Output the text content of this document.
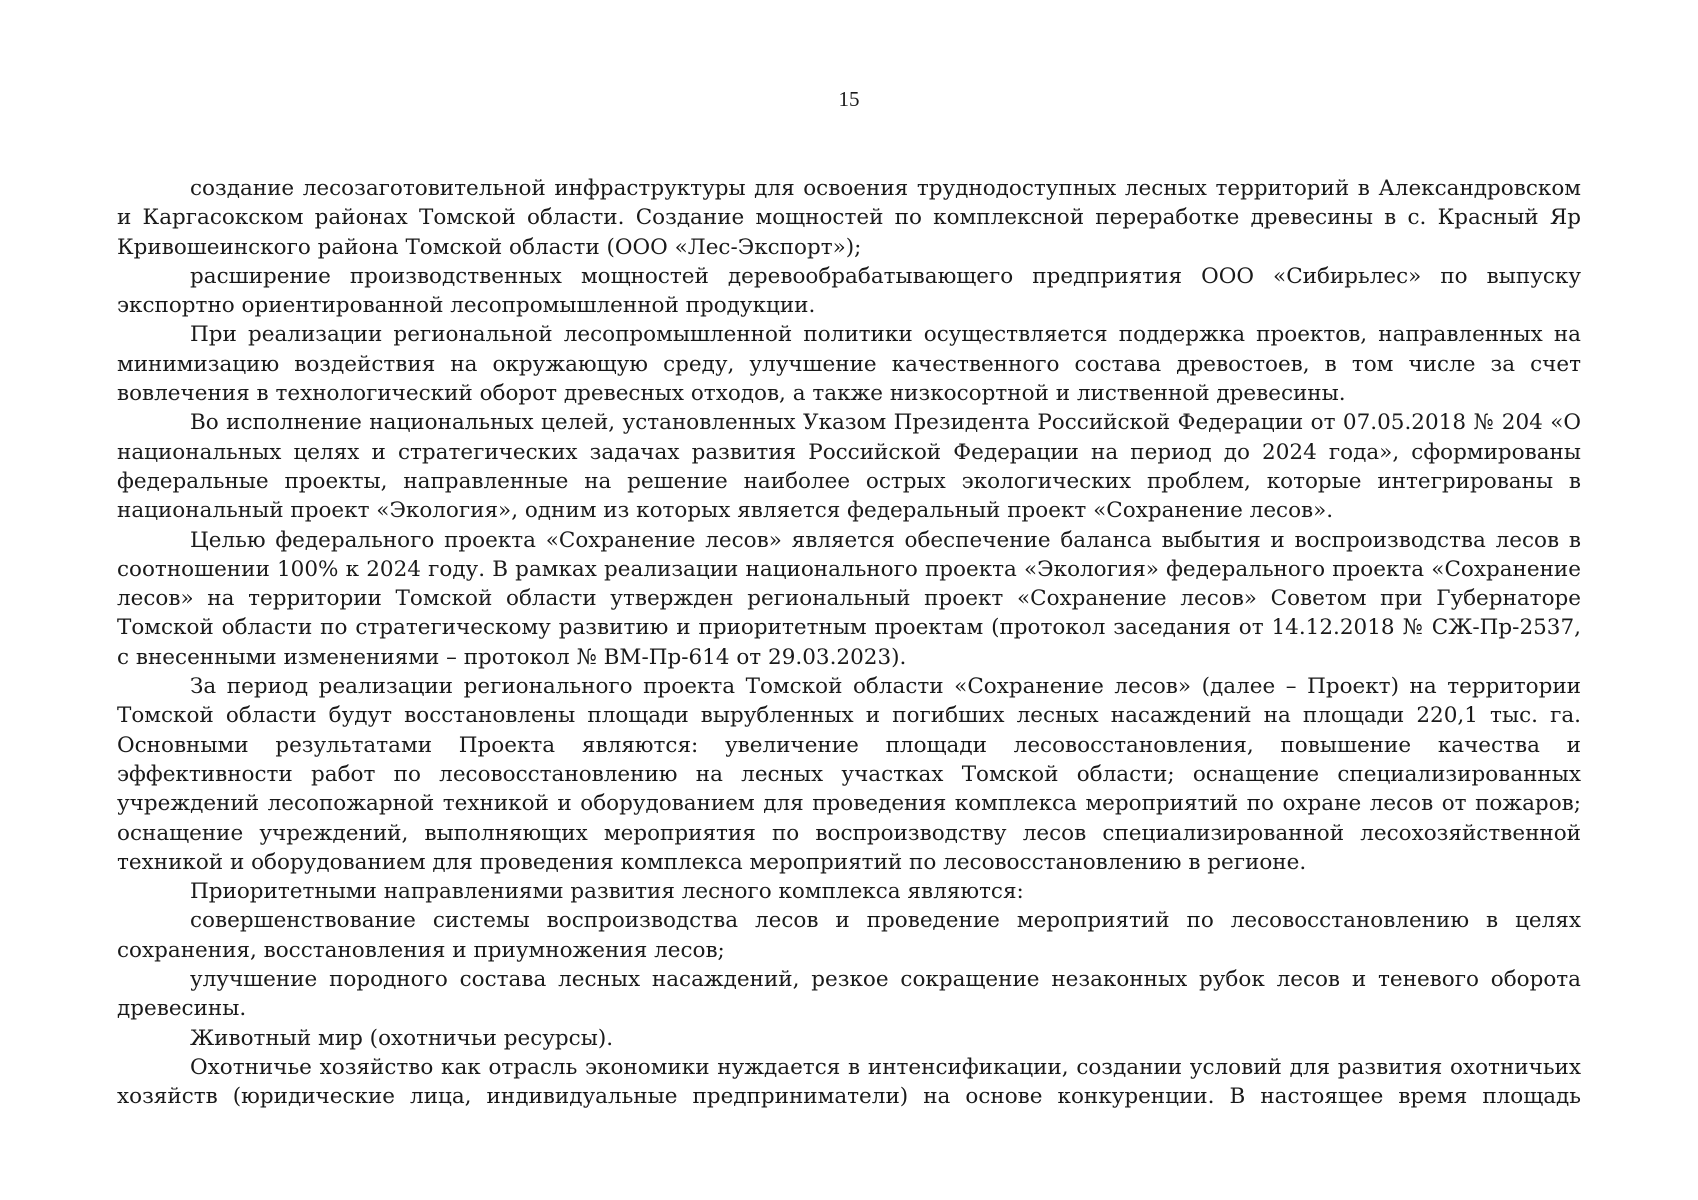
15

создание лесозаготовительной инфраструктуры для освоения труднодоступных лесных территорий в Александровском и Каргасокском районах Томской области. Создание мощностей по комплексной переработке древесины в с. Красный Яр Кривошеинского района Томской области (ООО «Лес-Экспорт»);

расширение производственных мощностей деревообрабатывающего предприятия ООО «Сибирьлес» по выпуску экспортно ориентированной лесопромышленной продукции.

При реализации региональной лесопромышленной политики осуществляется поддержка проектов, направленных на минимизацию воздействия на окружающую среду, улучшение качественного состава древостоев, в том числе за счет вовлечения в технологический оборот древесных отходов, а также низкосортной и лиственной древесины.

Во исполнение национальных целей, установленных Указом Президента Российской Федерации от 07.05.2018 № 204 «О национальных целях и стратегических задачах развития Российской Федерации на период до 2024 года», сформированы федеральные проекты, направленные на решение наиболее острых экологических проблем, которые интегрированы в национальный проект «Экология», одним из которых является федеральный проект «Сохранение лесов».

Целью федерального проекта «Сохранение лесов» является обеспечение баланса выбытия и воспроизводства лесов в соотношении 100% к 2024 году. В рамках реализации национального проекта «Экология» федерального проекта «Сохранение лесов» на территории Томской области утвержден региональный проект «Сохранение лесов» Советом при Губернаторе Томской области по стратегическому развитию и приоритетным проектам (протокол заседания от 14.12.2018 № СЖ-Пр-2537, с внесенными изменениями – протокол № ВМ-Пр-614 от 29.03.2023).

За период реализации регионального проекта Томской области «Сохранение лесов» (далее – Проект) на территории Томской области будут восстановлены площади вырубленных и погибших лесных насаждений на площади 220,1 тыс. га. Основными результатами Проекта являются: увеличение площади лесовосстановления, повышение качества и эффективности работ по лесовосстановлению на лесных участках Томской области; оснащение специализированных учреждений лесопожарной техникой и оборудованием для проведения комплекса мероприятий по охране лесов от пожаров; оснащение учреждений, выполняющих мероприятия по воспроизводству лесов специализированной лесохозяйственной техникой и оборудованием для проведения комплекса мероприятий по лесовосстановлению в регионе.

Приоритетными направлениями развития лесного комплекса являются:

совершенствование системы воспроизводства лесов и проведение мероприятий по лесовосстановлению в целях сохранения, восстановления и приумножения лесов;

улучшение породного состава лесных насаждений, резкое сокращение незаконных рубок лесов и теневого оборота древесины.

Животный мир (охотничьи ресурсы).

Охотничье хозяйство как отрасль экономики нуждается в интенсификации, создании условий для развития охотничьих хозяйств (юридические лица, индивидуальные предприниматели) на основе конкуренции. В настоящее время площадь
